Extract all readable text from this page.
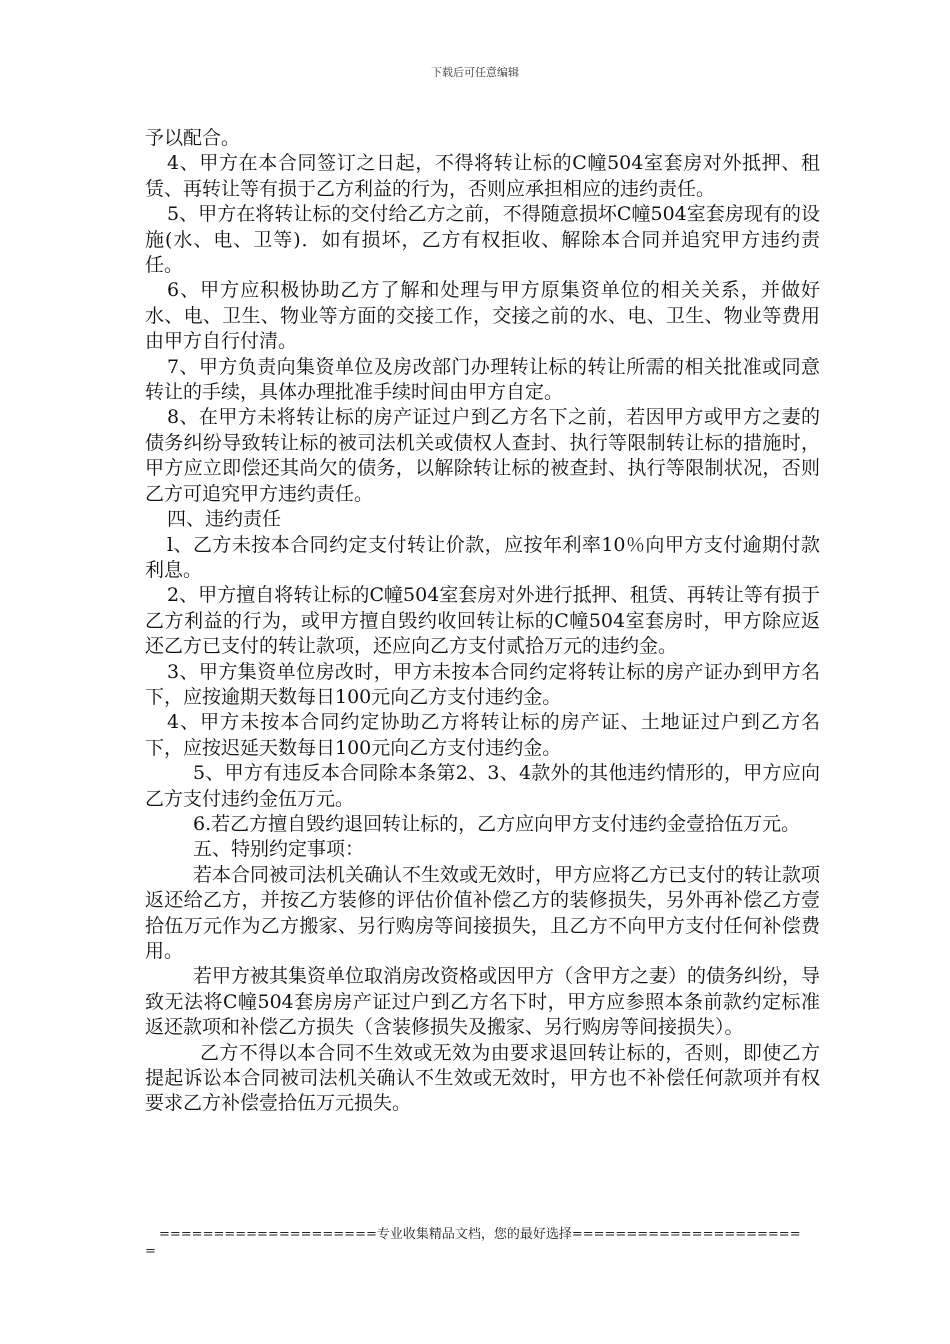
下载后可任意编辑

予以配合。

4、甲方在本合同签订之日起，不得将转让标的C幢504室套房对外抵押、租赁、再转让等有损于乙方利益的行为，否则应承担相应的违约责任。

5、甲方在将转让标的交付给乙方之前，不得随意损坏C幢504室套房现有的设施(水、电、卫等)．如有损坏，乙方有权拒收、解除本合同并追究甲方违约责任。

6、甲方应积极协助乙方了解和处理与甲方原集资单位的相关关系，并做好水、电、卫生、物业等方面的交接工作，交接之前的水、电、卫生、物业等费用由甲方自行付清。

7、甲方负责向集资单位及房改部门办理转让标的转让所需的相关批准或同意转让的手续，具体办理批准手续时间由甲方自定。

8、在甲方未将转让标的房产证过户到乙方名下之前，若因甲方或甲方之妻的债务纠纷导致转让标的被司法机关或债权人查封、执行等限制转让标的措施时，甲方应立即偿还其尚欠的债务，以解除转让标的被查封、执行等限制状况，否则乙方可追究甲方违约责任。

四、违约责任

l、乙方未按本合同约定支付转让价款，应按年利率10％向甲方支付逾期付款利息。

2、甲方擅自将转让标的C幢504室套房对外进行抵押、租赁、再转让等有损于乙方利益的行为，或甲方擅自毁约收回转让标的C幢504室套房时，甲方除应返还乙方已支付的转让款项，还应向乙方支付贰拾万元的违约金。

3、甲方集资单位房改时，甲方未按本合同约定将转让标的房产证办到甲方名下，应按逾期天数每日100元向乙方支付违约金。

4、甲方未按本合同约定协助乙方将转让标的房产证、土地证过户到乙方名下，应按迟延天数每日100元向乙方支付违约金。

5、甲方有违反本合同除本条第2、3、4款外的其他违约情形的，甲方应向乙方支付违约金伍万元。

6.若乙方擅自毁约退回转让标的，乙方应向甲方支付违约金壹拾伍万元。

五、特别约定事项：

若本合同被司法机关确认不生效或无效时，甲方应将乙方已支付的转让款项返还给乙方，并按乙方装修的评估价值补偿乙方的装修损失，另外再补偿乙方壹拾伍万元作为乙方搬家、另行购房等间接损失，且乙方不向甲方支付任何补偿费用。

若甲方被其集资单位取消房改资格或因甲方（含甲方之妻）的债务纠纷，导致无法将C幢504套房房产证过户到乙方名下时，甲方应参照本条前款约定标准返还款项和补偿乙方损失（含装修损失及搬家、另行购房等间接损失）。

乙方不得以本合同不生效或无效为由要求退回转让标的，否则，即使乙方提起诉讼本合同被司法机关确认不生效或无效时，甲方也不补偿任何款项并有权要求乙方补偿壹拾伍万元损失。

====================专业收集精品文档，您的最好选择=====================
=
